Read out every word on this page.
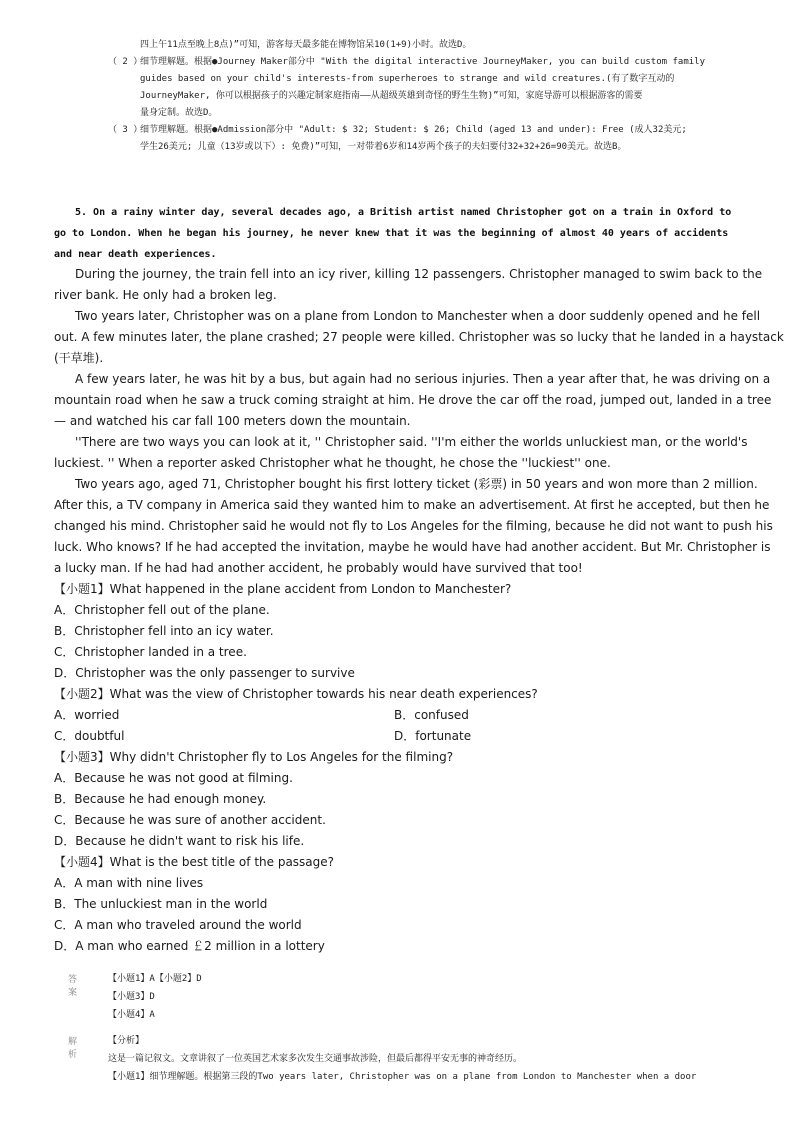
四上午11点至晚上8点)”可知，游客每天最多能在博物馆呆10(1+9)小时。故选D。
（ 2 ）细节理解题。根据●Journey Maker部分中 "With the digital interactive JourneyMaker, you can build custom family
guides based on your child's interests-from superheroes to strange and wild creatures.(有了数字互动的
JourneyMaker, 你可以根据孩子的兴趣定制家庭指南——从超级英雄到奇怪的野生生物)”可知，家庭导游可以根据游客的需要
量身定制。故选D。
（ 3 ）细节理解题。根据●Admission部分中 "Adult: $ 32; Student: $ 26; Child (aged 13 and under): Free (成人32美元;
学生26美元; 儿童（13岁或以下）: 免费)”可知，一对带着6岁和14岁两个孩子的夫妇要付32+32+26=90美元。故选B。
5. On a rainy winter day, several decades ago, a British artist named Christopher got on a train in Oxford to
go to London. When he began his journey, he never knew that it was the beginning of almost 40 years of accidents
and near death experiences.
During the journey, the train fell into an icy river, killing 12 passengers. Christopher managed to swim back to the
river bank. He only had a broken leg.
Two years later, Christopher was on a plane from London to Manchester when a door suddenly opened and he fell
out. A few minutes later, the plane crashed; 27 people were killed. Christopher was so lucky that he landed in a haystack
(干草堆).
A few years later, he was hit by a bus, but again had no serious injuries. Then a year after that, he was driving on a
mountain road when he saw a truck coming straight at him. He drove the car off the road, jumped out, landed in a tree
— and watched his car fall 100 meters down the mountain.
''There are two ways you can look at it, '' Christopher said. ''I'm either the worlds unluckiest man, or the world's
luckiest. '' When a reporter asked Christopher what he thought, he chose the ''luckiest'' one.
Two years ago, aged 71, Christopher bought his first lottery ticket (彩票) in 50 years and won more than 2 million.
After this, a TV company in America said they wanted him to make an advertisement. At first he accepted, but then he
changed his mind. Christopher said he would not fly to Los Angeles for the filming, because he did not want to push his
luck. Who knows? If he had accepted the invitation, maybe he would have had another accident. But Mr. Christopher is
a lucky man. If he had had another accident, he probably would have survived that too!
【小题1】What happened in the plane accident from London to Manchester?
A．Christopher fell out of the plane.
B．Christopher fell into an icy water.
C．Christopher landed in a tree.
D．Christopher was the only passenger to survive
【小题2】What was the view of Christopher towards his near death experiences?
A．worried	B．confused
C．doubtful	D．fortunate
【小题3】Why didn't Christopher fly to Los Angeles for the filming?
A．Because he was not good at filming.
B．Because he had enough money.
C．Because he was sure of another accident.
D．Because he didn't want to risk his life.
【小题4】What is the best title of the passage?
A．A man with nine lives
B．The unluckiest man in the world
C．A man who traveled around the world
D．A man who earned ￡2 million in a lottery
答案
【小题1】A【小题2】D
【小题3】D
【小题4】A
解析
【分析】
这是一篇记叙文。文章讲叙了一位英国艺术家多次发生交通事故涉险，但最后都得平安无事的神奇经历。
【小题1】细节理解题。根据第三段的Two years later, Christopher was on a plane from London to Manchester when a door
